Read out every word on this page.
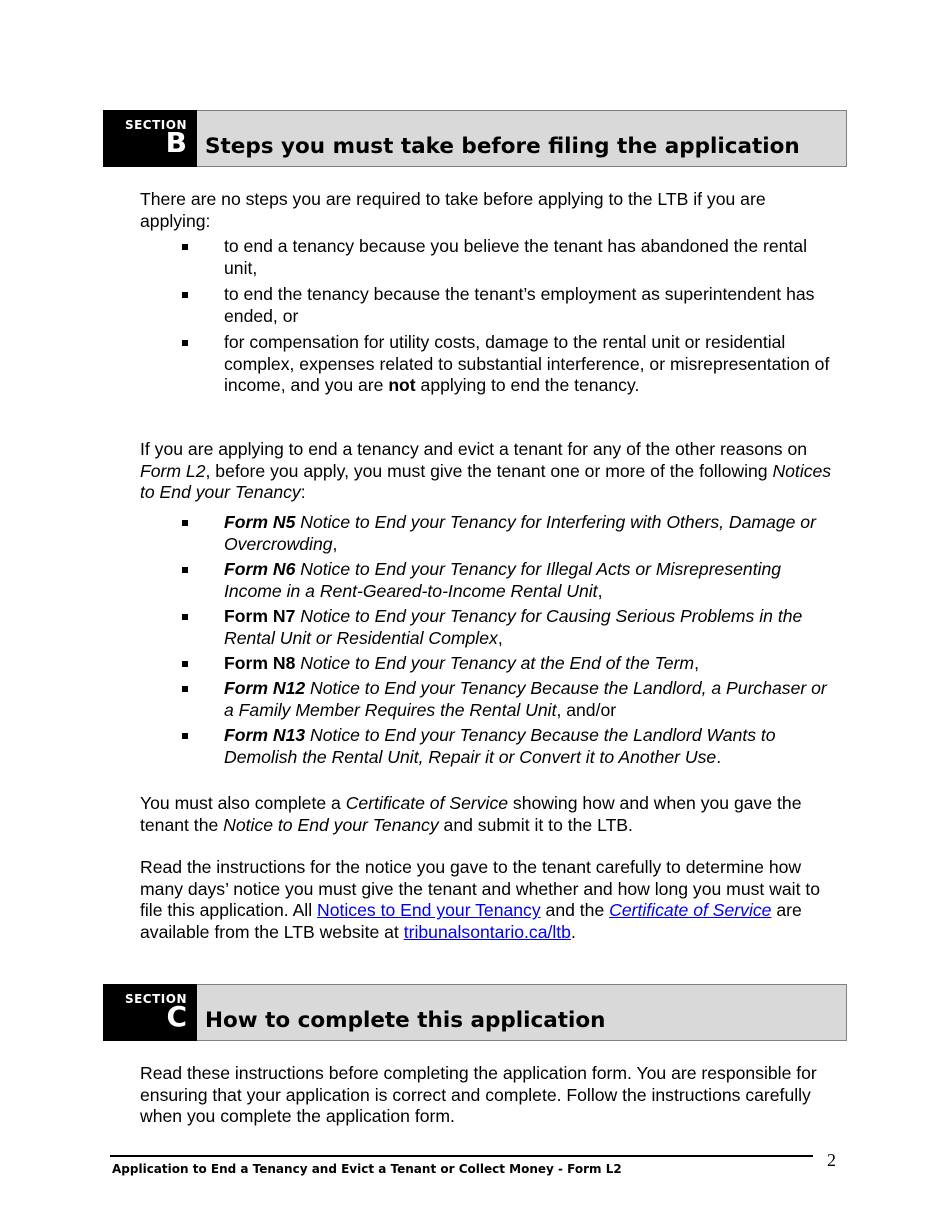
SECTION
B Steps you must take before filing the application

There are no steps you are required to take before applying to the LTB if you are applying:

to end a tenancy because you believe the tenant has abandoned the rental unit,
to end the tenancy because the tenant’s employment as superintendent has ended, or
for compensation for utility costs, damage to the rental unit or residential complex, expenses related to substantial interference, or misrepresentation of income, and you are not applying to end the tenancy.

If you are applying to end a tenancy and evict a tenant for any of the other reasons on Form L2, before you apply, you must give the tenant one or more of the following Notices to End your Tenancy:

Form N5 Notice to End your Tenancy for Interfering with Others, Damage or Overcrowding,
Form N6 Notice to End your Tenancy for Illegal Acts or Misrepresenting Income in a Rent-Geared-to-Income Rental Unit,
Form N7 Notice to End your Tenancy for Causing Serious Problems in the Rental Unit or Residential Complex,
Form N8 Notice to End your Tenancy at the End of the Term,
Form N12 Notice to End your Tenancy Because the Landlord, a Purchaser or a Family Member Requires the Rental Unit, and/or
Form N13 Notice to End your Tenancy Because the Landlord Wants to Demolish the Rental Unit, Repair it or Convert it to Another Use.

You must also complete a Certificate of Service showing how and when you gave the tenant the Notice to End your Tenancy and submit it to the LTB.

Read the instructions for the notice you gave to the tenant carefully to determine how many days’ notice you must give the tenant and whether and how long you must wait to file this application. All Notices to End your Tenancy and the Certificate of Service are available from the LTB website at tribunalsontario.ca/ltb.

SECTION
C How to complete this application

Read these instructions before completing the application form. You are responsible for ensuring that your application is correct and complete. Follow the instructions carefully when you complete the application form.

Application to End a Tenancy and Evict a Tenant or Collect Money - Form L2	2
